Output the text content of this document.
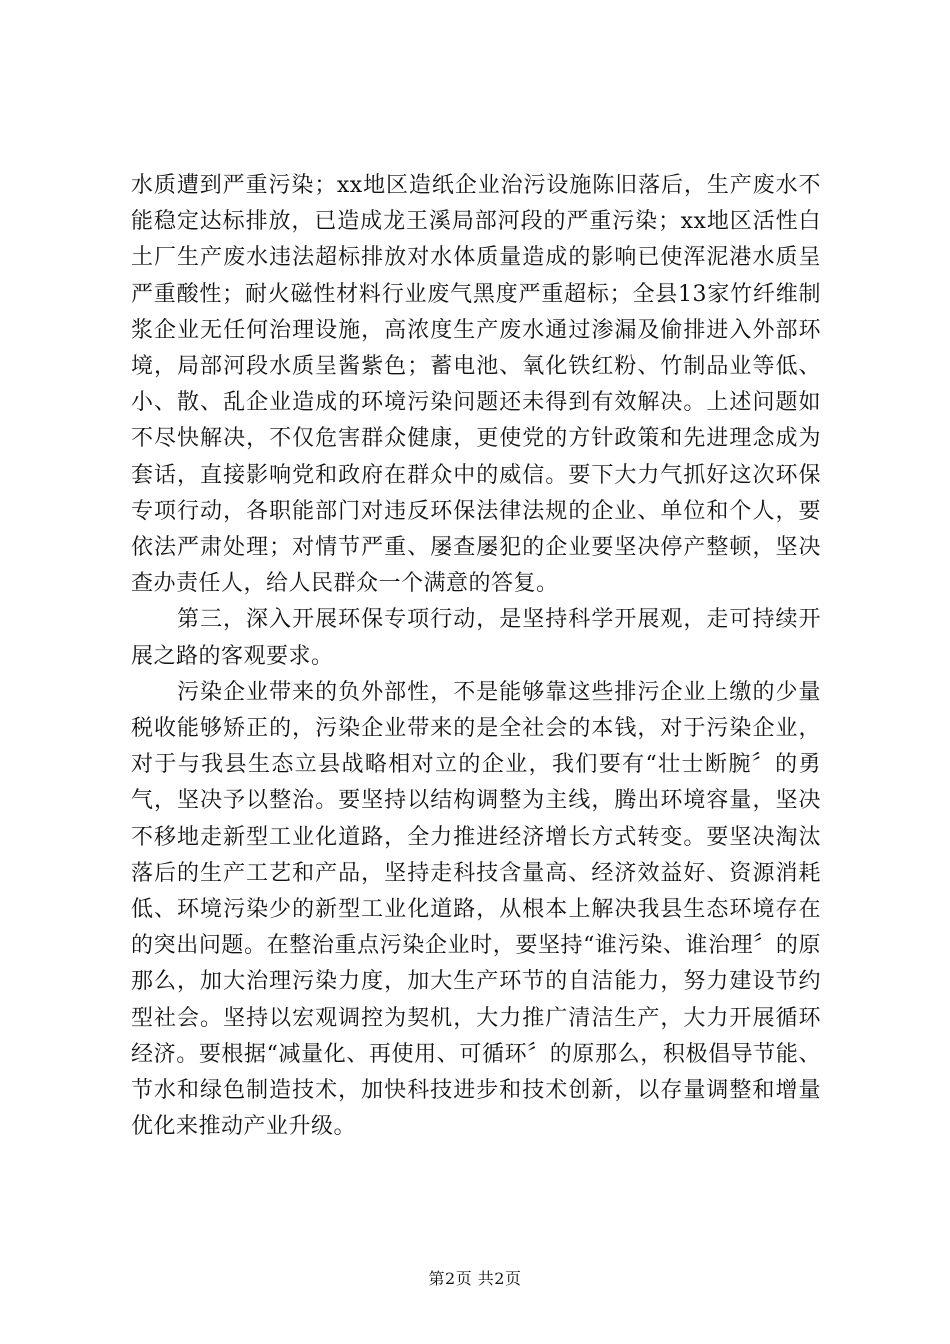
水质遭到严重污染；xx地区造纸企业治污设施陈旧落后，生产废水不能稳定达标排放，已造成龙王溪局部河段的严重污染；xx地区活性白土厂生产废水违法超标排放对水体质量造成的影响已使浑泥港水质呈严重酸性；耐火磁性材料行业废气黑度严重超标；全县13家竹纤维制浆企业无任何治理设施，高浓度生产废水通过渗漏及偷排进入外部环境，局部河段水质呈酱紫色；蓄电池、氧化铁红粉、竹制品业等低、小、散、乱企业造成的环境污染问题还未得到有效解决。上述问题如不尽快解决，不仅危害群众健康，更使党的方针政策和先进理念成为套话，直接影响党和政府在群众中的威信。要下大力气抓好这次环保专项行动，各职能部门对违反环保法律法规的企业、单位和个人，要依法严肃处理；对情节严重、屡查屡犯的企业要坚决停产整顿，坚决查办责任人，给人民群众一个满意的答复。

第三，深入开展环保专项行动，是坚持科学开展观，走可持续开展之路的客观要求。

污染企业带来的负外部性，不是能够靠这些排污企业上缴的少量税收能够矫正的，污染企业带来的是全社会的本钱，对于污染企业，对于与我县生态立县战略相对立的企业，我们要有“壮士断腕〞的勇气，坚决予以整治。要坚持以结构调整为主线，腾出环境容量，坚决不移地走新型工业化道路，全力推进经济增长方式转变。要坚决淘汰落后的生产工艺和产品，坚持走科技含量高、经济效益好、资源消耗低、环境污染少的新型工业化道路，从根本上解决我县生态环境存在的突出问题。在整治重点污染企业时，要坚持“谁污染、谁治理〞的原那么，加大治理污染力度，加大生产环节的自洁能力，努力建设节约型社会。坚持以宏观调控为契机，大力推广清洁生产，大力开展循环经济。要根据“减量化、再使用、可循环〞的原那么，积极倡导节能、节水和绿色制造技术，加快科技进步和技术创新，以存量调整和增量优化来推动产业升级。

第2页 共2页
